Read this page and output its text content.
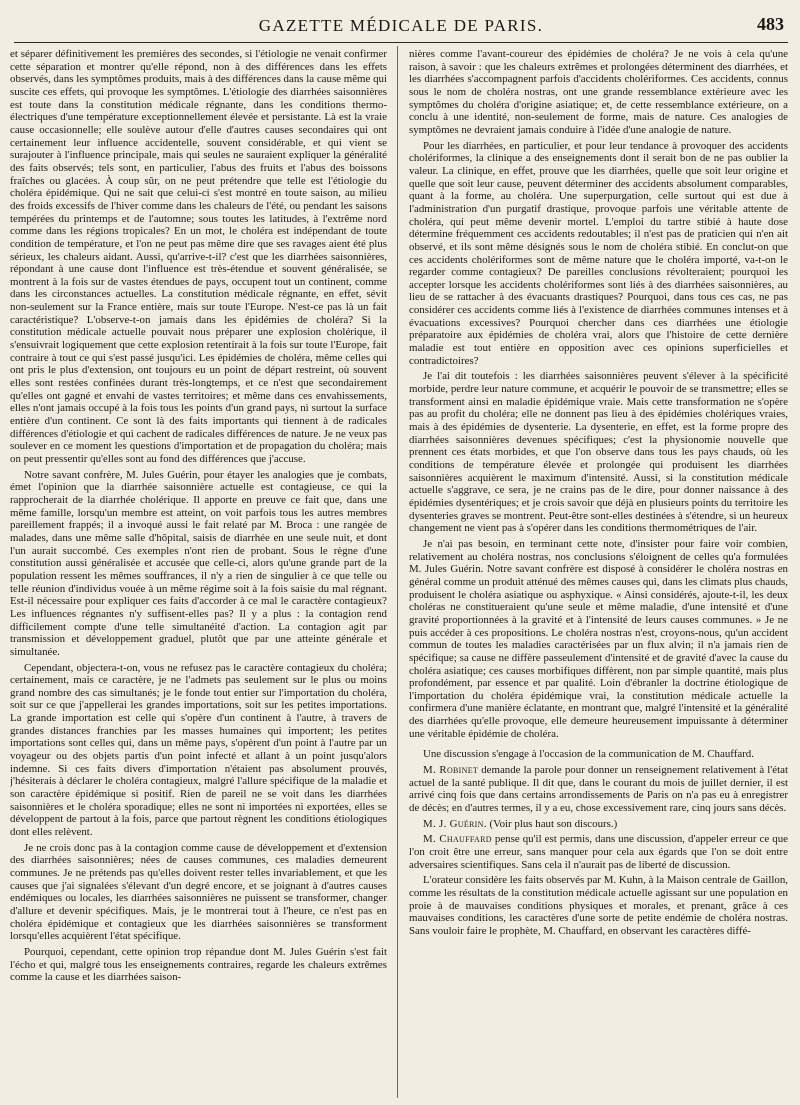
GAZETTE MÉDICALE DE PARIS.	483

et séparer définitivement les premières des secondes, si l'étiologie ne venait confirmer cette séparation et montrer qu'elle répond, non à des différences dans les effets observés, dans les symptômes produits, mais à des différences dans la cause même qui suscite ces effets, qui provoque les symptômes. L'étiologie des diarrhées saisonnières est toute dans la constitution médicale régnante, dans les conditions thermo-électriques d'une température exceptionnellement élevée et persistante. Là est la vraie cause occasionnelle; elle soulève autour d'elle d'autres causes secondaires qui ont certainement leur influence accidentelle, souvent considérable, et qui vient se surajouter à l'influence principale, mais qui seules ne sauraient expliquer la généralité des faits observés; tels sont, en particulier, l'abus des fruits et l'abus des boissons fraîches ou glacées. À coup sûr, on ne peut prétendre que telle est l'étiologie du choléra épidémique. Qui ne sait que celui-ci s'est montré en toute saison, au milieu des froids excessifs de l'hiver comme dans les chaleurs de l'été, ou pendant les saisons tempérées du printemps et de l'automne; sous toutes les latitudes, à l'extrême nord comme dans les régions tropicales? En un mot, le choléra est indépendant de toute condition de température, et l'on ne peut pas même dire que ses ravages aient été plus sérieux, les chaleurs aidant. Aussi, qu'arrive-t-il? c'est que les diarrhées saisonnières, répondant à une cause dont l'influence est très-étendue et souvent généralisée, se montrent à la fois sur de vastes étendues de pays, occupent tout un continent, comme dans les circonstances actuelles. La constitution médicale régnante, en effet, sévit non-seulement sur la France entière, mais sur toute l'Europe. N'est-ce pas là un fait caractéristique? L'observe-t-on jamais dans les épidémies de choléra? Si la constitution médicale actuelle pouvait nous préparer une explosion cholérique, il s'ensuivrait logiquement que cette explosion retentirait à la fois sur toute l'Europe, fait contraire à tout ce qui s'est passé jusqu'ici. Les épidémies de choléra, même celles qui ont pris le plus d'extension, ont toujours eu un point de départ restreint, où souvent elles sont restées confinées durant très-longtemps, et ce n'est que secondairement qu'elles ont gagné et envahi de vastes territoires; et même dans ces envahissements, elles n'ont jamais occupé à la fois tous les points d'un grand pays, ni surtout la surface entière d'un continent. Ce sont là des faits importants qui tiennent à de radicales différences d'étiologie et qui cachent de radicales différences de nature. Je ne veux pas soulever en ce moment les questions d'importation et de propagation du choléra; mais on peut pressentir qu'elles sont au fond des différences que j'accuse.

Notre savant confrère, M. Jules Guérin, pour étayer les analogies que je combats, émet l'opinion que la diarrhée saisonnière actuelle est contagieuse, ce qui la rapprocherait de la diarrhée cholérique. Il apporte en preuve ce fait que, dans une même famille, lorsqu'un membre est atteint, on voit parfois tous les autres membres pareillement frappés; il a invoqué aussi le fait relaté par M. Broca : une rangée de malades, dans une même salle d'hôpital, saisis de diarrhée en une seule nuit, et dont l'un aurait succombé. Ces exemples n'ont rien de probant. Sous le règne d'une constitution aussi généralisée et accusée que celle-ci, alors qu'une grande part de la population ressent les mêmes souffrances, il n'y a rien de singulier à ce que telle ou telle réunion d'individus vouée à un même régime soit à la fois saisie du mal régnant. Est-il nécessaire pour expliquer ces faits d'accorder à ce mal le caractère contagieux? Les influences régnantes n'y suffisent-elles pas? Il y a plus : la contagion rend difficilement compte d'une telle simultanéité d'action. La contagion agit par transmission et développement graduel, plutôt que par une atteinte générale et simultanée.

Cependant, objectera-t-on, vous ne refusez pas le caractère contagieux du choléra; certainement, mais ce caractère, je ne l'admets pas seulement sur le plus ou moins grand nombre des cas simultanés; je le fonde tout entier sur l'importation du choléra, soit sur ce que j'appellerai les grandes importations, soit sur les petites importations. La grande importation est celle qui s'opère d'un continent à l'autre, à travers de grandes distances franchies par les masses humaines qui importent; les petites importations sont celles qui, dans un même pays, s'opèrent d'un point à l'autre par un voyageur ou des objets partis d'un point infecté et allant à un point jusqu'alors indemne. Si ces faits divers d'importation n'étaient pas absolument prouvés, j'hésiterais à déclarer le choléra contagieux, malgré l'allure spécifique de la maladie et son caractère épidémique si positif. Rien de pareil ne se voit dans les diarrhées saisonnières et le choléra sporadique; elles ne sont ni importées ni exportées, elles se développent de partout à la fois, parce que partout règnent les conditions étiologiques dont elles relèvent.

Je ne crois donc pas à la contagion comme cause de développement et d'extension des diarrhées saisonnières; nées de causes communes, ces maladies demeurent communes. Je ne prétends pas qu'elles doivent rester telles invariablement, et que les causes que j'ai signalées s'élevant d'un degré encore, et se joignant à d'autres causes endémiques ou locales, les diarrhées saisonnières ne puissent se transformer, changer d'allure et devenir spécifiques. Mais, je le montrerai tout à l'heure, ce n'est pas en choléra épidémique et contagieux que les diarrhées saisonnières se transforment lorsqu'elles acquièrent l'état spécifique.

Pourquoi, cependant, cette opinion trop répandue dont M. Jules Guérin s'est fait l'écho et qui, malgré tous les enseignements contraires, regarde les chaleurs extrêmes comme la cause et les diarrhées saison-

nières comme l'avant-coureur des épidémies de choléra? Je ne vois à cela qu'une raison, à savoir : que les chaleurs extrêmes et prolongées déterminent des diarrhées, et les diarrhées s'accompagnent parfois d'accidents cholériformes. Ces accidents, connus sous le nom de choléra nostras, ont une grande ressemblance extérieure avec les symptômes du choléra d'origine asiatique; et, de cette ressemblance extérieure, on a conclu à une identité, non-seulement de forme, mais de nature. Ces analogies de symptômes ne devraient jamais conduire à l'idée d'une analogie de nature.

Pour les diarrhées, en particulier, et pour leur tendance à provoquer des accidents cholériformes, la clinique a des enseignements dont il serait bon de ne pas oublier la valeur. La clinique, en effet, prouve que les diarrhées, quelle que soit leur origine et quelle que soit leur cause, peuvent déterminer des accidents absolument comparables, quant à la forme, au choléra. Une superpurgation, celle surtout qui est due à l'administration d'un purgatif drastique, provoque parfois une véritable attente de choléra, qui peut même devenir mortel. L'emploi du tartre stibié à haute dose détermine fréquemment ces accidents redoutables; il n'est pas de praticien qui n'en ait observé, et ils sont même désignés sous le nom de choléra stibié. En conclut-on que ces accidents cholériformes sont de même nature que le choléra importé, va-t-on le regarder comme contagieux? De pareilles conclusions révolteraient; pourquoi les accepter lorsque les accidents cholériformes sont liés à des diarrhées saisonnières, au lieu de se rattacher à des évacuants drastiques? Pourquoi, dans tous ces cas, ne pas considérer ces accidents comme liés à l'existence de diarrhées communes intenses et à évacuations excessives? Pourquoi chercher dans ces diarrhées une étiologie préparatoire aux épidémies de choléra vrai, alors que l'histoire de cette dernière maladie est tout entière en opposition avec ces opinions superficielles et contradictoires?

Je l'ai dit toutefois : les diarrhées saisonnières peuvent s'élever à la spécificité morbide, perdre leur nature commune, et acquérir le pouvoir de se transmettre; elles se transforment ainsi en maladie épidémique vraie. Mais cette transformation ne s'opère pas au profit du choléra; elle ne donnent pas lieu à des épidémies cholériques vraies, mais à des épidémies de dysenterie. La dysenterie, en effet, est la forme propre des diarrhées saisonnières devenues spécifiques; c'est la physionomie nouvelle que prennent ces états morbides, et que l'on observe dans tous les pays chauds, où les conditions de température élevée et prolongée qui produisent les diarrhées saisonnières acquièrent le maximum d'intensité. Aussi, si la constitution médicale actuelle s'aggrave, ce sera, je ne crains pas de le dire, pour donner naissance à des épidémies dysentériques; et je crois savoir que déjà en plusieurs points du territoire les dysenteries graves se montrent. Peut-être sont-elles destinées à s'étendre, si un heureux changement ne vient pas à s'opérer dans les conditions thermométriques de l'air.

Je n'ai pas besoin, en terminant cette note, d'insister pour faire voir combien, relativement au choléra nostras, nos conclusions s'éloignent de celles qu'a formulées M. Jules Guérin. Notre savant confrère est disposé à considérer le choléra nostras en général comme un produit atténué des mêmes causes qui, dans les climats plus chauds, produisent le choléra asiatique ou asphyxique. « Ainsi considérés, ajoute-t-il, les deux choléras ne constitueraient qu'une seule et même maladie, d'une intensité et d'une gravité proportionnées à la gravité et à l'intensité de leurs causes communes. » Je ne puis accéder à ces propositions. Le choléra nostras n'est, croyons-nous, qu'un accident commun de toutes les maladies caractérisées par un flux alvin; il n'a jamais rien de spécifique; sa cause ne diffère passeulement d'intensité et de gravité d'avec la cause du choléra asiatique; ces causes morbifiques diffèrent, non par simple quantité, mais plus profondément, par essence et par qualité. Loin d'ébranler la doctrine étiologique de l'importation du choléra épidémique vrai, la constitution médicale actuelle la confirmera d'une manière éclatante, en montrant que, malgré l'intensité et la généralité des diarrhées qu'elle provoque, elle demeure heureusement impuissante à déterminer une véritable épidémie de choléra.

Une discussion s'engage à l'occasion de la communication de M. Chauffard.

M. Robinet demande la parole pour donner un renseignement relativement à l'état actuel de la santé publique. Il dit que, dans le courant du mois de juillet dernier, il est arrivé cinq fois que dans certains arrondissements de Paris on n'a pas eu à enregistrer de décès; en d'autres termes, il y a eu, chose excessivement rare, cinq jours sans décès.

M. J. Guérin. (Voir plus haut son discours.)

M. Chauffard pense qu'il est permis, dans une discussion, d'appeler erreur ce que l'on croit être une erreur, sans manquer pour cela aux égards que l'on se doit entre adversaires scientifiques. Sans cela il n'aurait pas de liberté de discussion.

L'orateur considère les faits observés par M. Kuhn, à la Maison centrale de Gaillon, comme les résultats de la constitution médicale actuelle agissant sur une population en proie à de mauvaises conditions physiques et morales, et prenant, grâce à ces mauvaises conditions, les caractères d'une sorte de petite endémie de choléra nostras. Sans vouloir faire le prophète, M. Chauffard, en observant les caractères diffé-
